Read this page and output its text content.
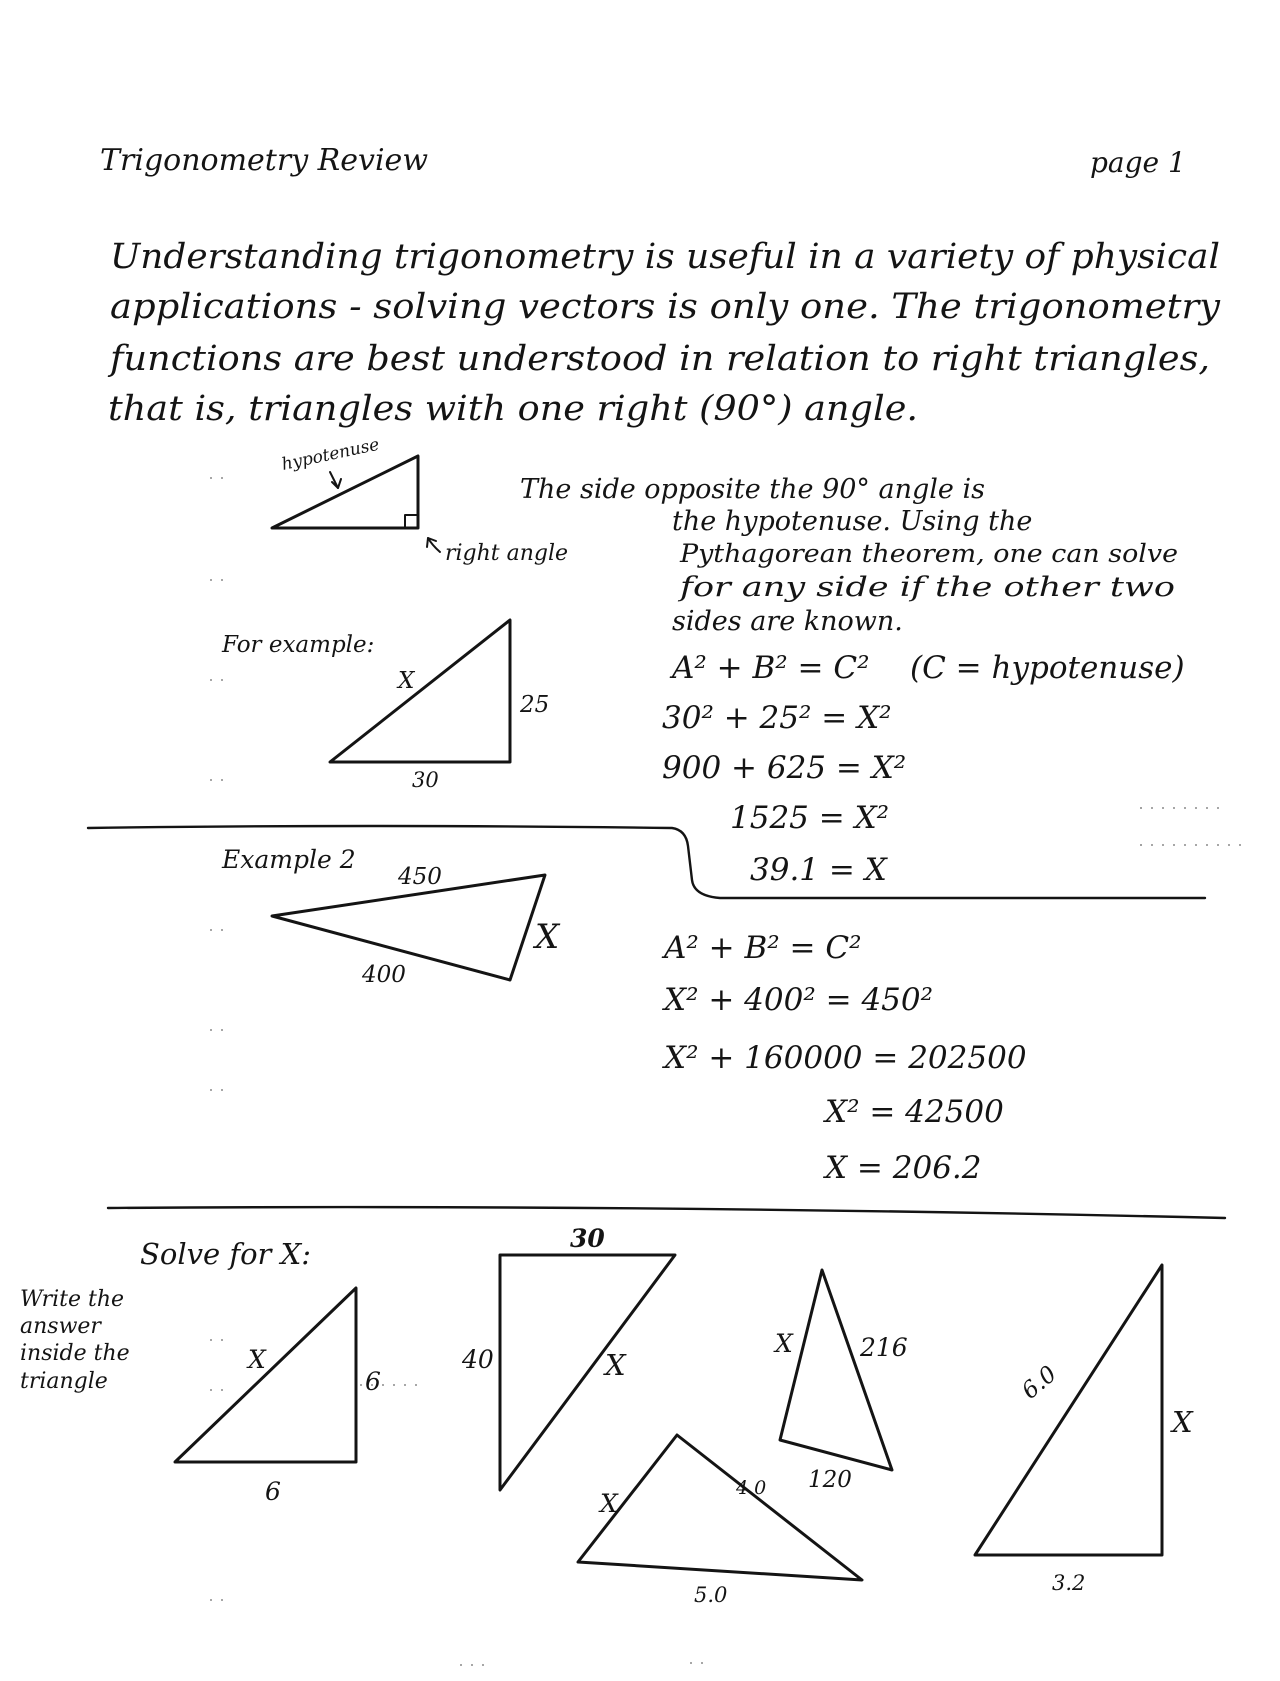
Trigonometry Review	page 1
Understanding trigonometry is useful in a variety of physical
applications - solving vectors is only one. The trigonometry
functions are best understood in relation to right triangles,
that is, triangles with one right (90°) angle.
hypotenuse
right angle
The side opposite the 90° angle is
the hypotenuse. Using the
Pythagorean theorem, one can solve
for any side if the other two
sides are known.
For example:
X
25
30
A² + B² = C² (C = hypotenuse)
30² + 25² = X²
900 + 625 = X²
1525 = X²
39.1 = X
Example 2
450
400
X	A² + B² = C²
X² + 400² = 450²
X² + 160000 = 202500
X² = 42500
X = 206.2
Solve for X:
Write the
answer
inside the
triangle
X
6
6
30
40	X
X
4.0
5.0
X	216
120
6.0
X
3.2
